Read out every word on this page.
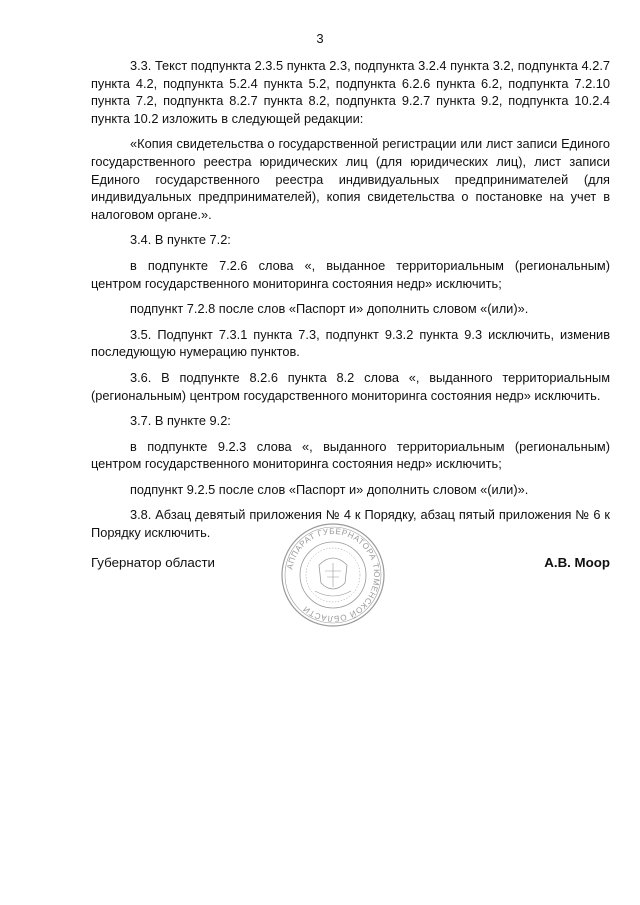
3

3.3. Текст подпункта 2.3.5 пункта 2.3, подпункта 3.2.4 пункта 3.2, подпункта 4.2.7 пункта 4.2, подпункта 5.2.4 пункта 5.2, подпункта 6.2.6 пункта 6.2, подпункта 7.2.10 пункта 7.2, подпункта 8.2.7 пункта 8.2, подпункта 9.2.7 пункта 9.2, подпункта 10.2.4 пункта 10.2 изложить в следующей редакции:

«Копия свидетельства о государственной регистрации или лист записи Единого государственного реестра юридических лиц (для юридических лиц), лист записи Единого государственного реестра индивидуальных предпринимателей (для индивидуальных предпринимателей), копия свидетельства о постановке на учет в налоговом органе.».

3.4. В пункте 7.2:

в подпункте 7.2.6 слова «, выданное территориальным (региональным) центром государственного мониторинга состояния недр» исключить;

подпункт 7.2.8 после слов «Паспорт и» дополнить словом «(или)».

3.5. Подпункт 7.3.1 пункта 7.3, подпункт 9.3.2 пункта 9.3 исключить, изменив последующую нумерацию пунктов.

3.6. В подпункте 8.2.6 пункта 8.2 слова «, выданного территориальным (региональным) центром государственного мониторинга состояния недр» исключить.

3.7. В пункте 9.2:

в подпункте 9.2.3 слова «, выданного территориальным (региональным) центром государственного мониторинга состояния недр» исключить;

подпункт 9.2.5 после слов «Паспорт и» дополнить словом «(или)».

3.8. Абзац девятый приложения № 4 к Порядку, абзац пятый приложения № 6 к Порядку исключить.

Губернатор области	А.В. Моор
АППАРАТ ГУБЕРНАТОРА ТЮМЕНСКОЙ ОБЛАСТИ
